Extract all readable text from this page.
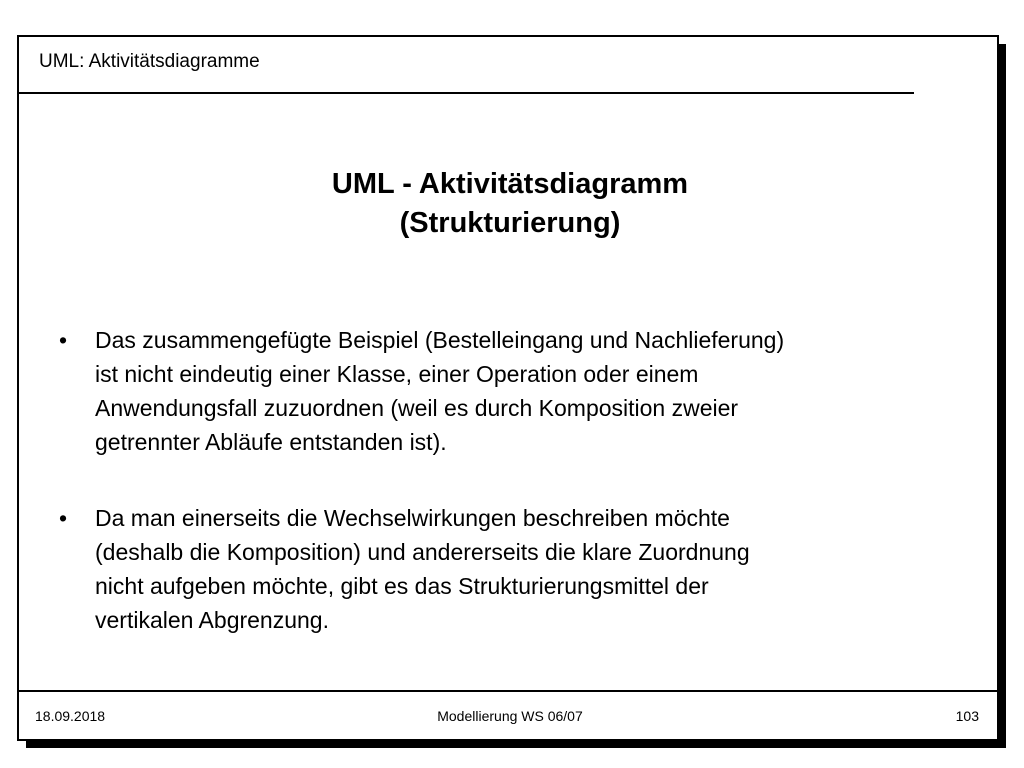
UML: Aktivitätsdiagramme
UML - Aktivitätsdiagramm
(Strukturierung)
•	Das zusammengefügte Beispiel (Bestelleingang und Nachlieferung)
ist nicht eindeutig einer Klasse, einer Operation oder einem
Anwendungsfall zuzuordnen (weil es durch Komposition zweier
getrennter Abläufe entstanden ist).
•	Da man einerseits die Wechselwirkungen beschreiben möchte
(deshalb die Komposition) und andererseits die klare Zuordnung
nicht aufgeben möchte, gibt es das Strukturierungsmittel der
vertikalen Abgrenzung.
18.09.2018	Modellierung WS 06/07	103
